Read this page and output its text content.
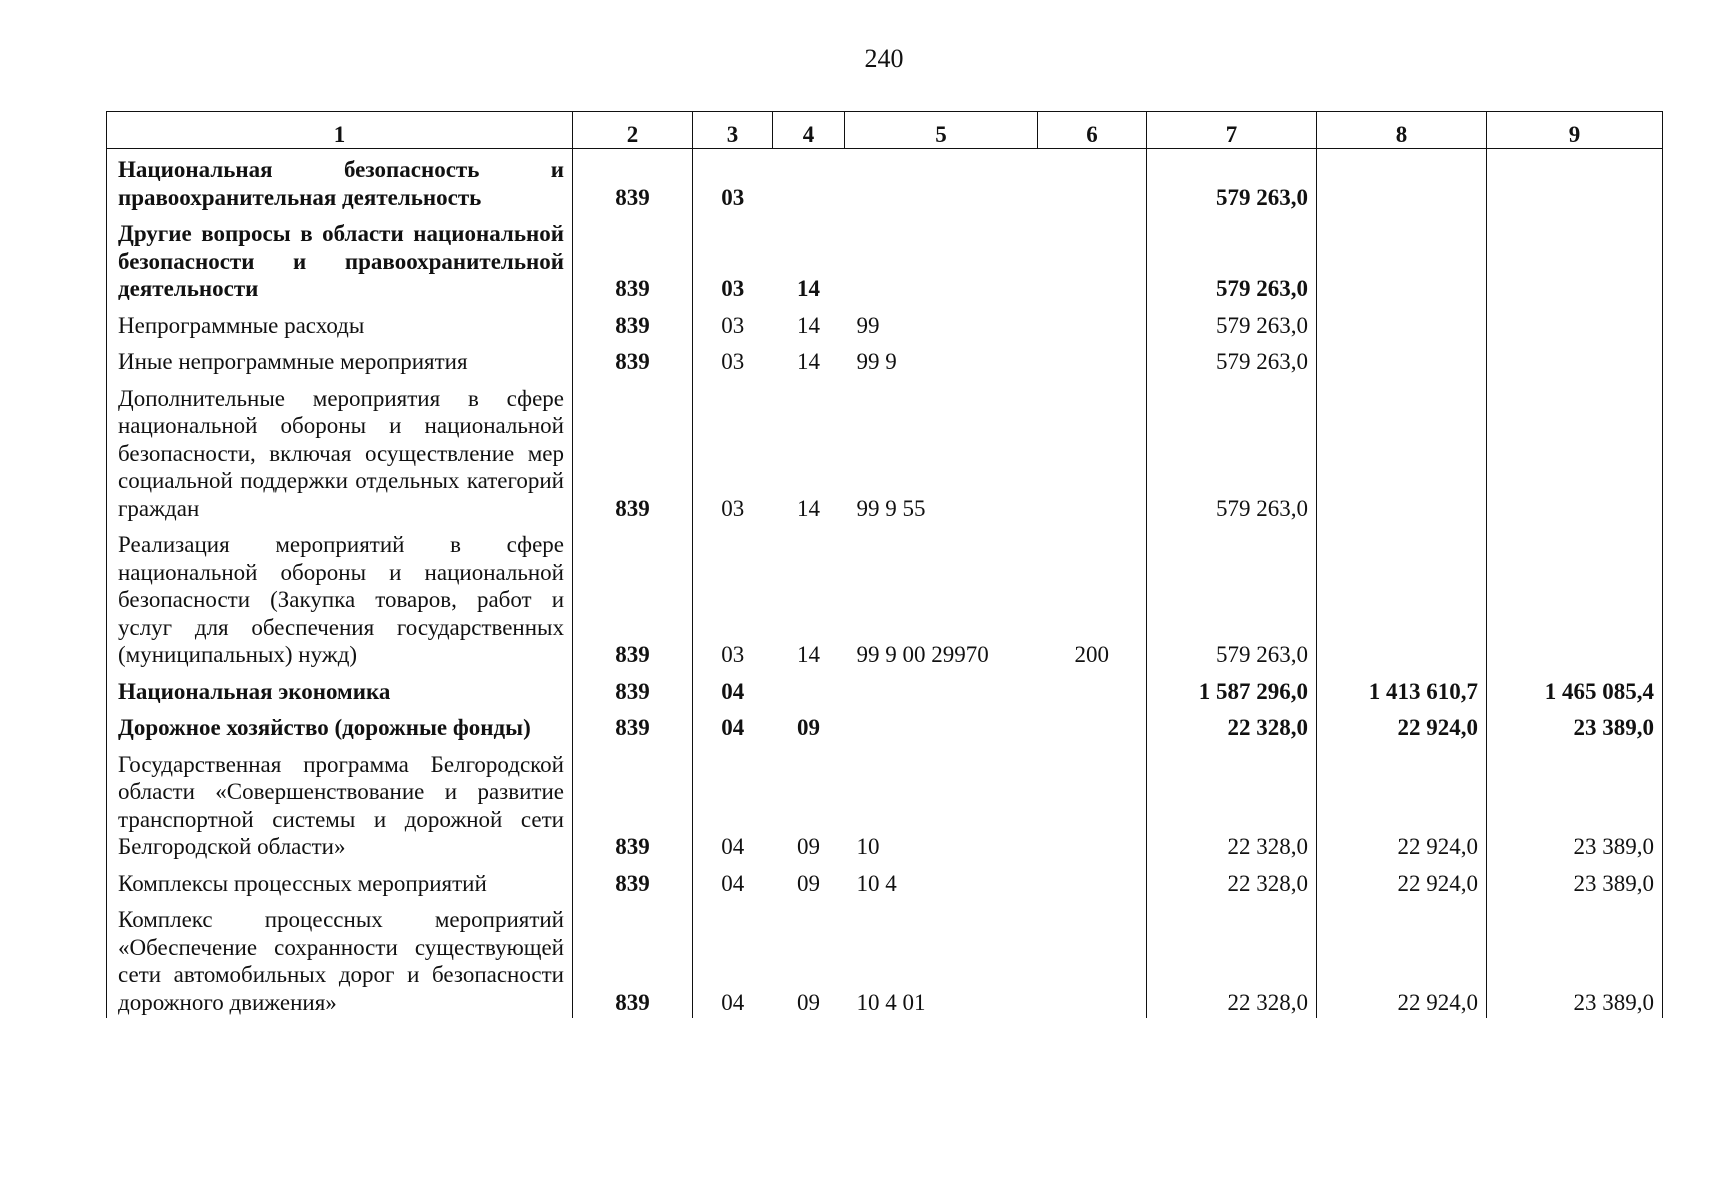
240
1	2	3	4	5	6	7	8	9
Национальная безопасность и правоохранительная деятельность	839	03				579 263,0		
Другие вопросы в области национальной безопасности и правоохранительной деятельности	839	03	14			579 263,0		
Непрограммные расходы	839	03	14	99		579 263,0		
Иные непрограммные мероприятия	839	03	14	99 9		579 263,0		
Дополнительные мероприятия в сфере национальной обороны и национальной безопасности, включая осуществление мер социальной поддержки отдельных категорий граждан	839	03	14	99 9 55		579 263,0		
Реализация мероприятий в сфере национальной обороны и национальной безопасности (Закупка товаров, работ и услуг для обеспечения государственных (муниципальных) нужд)	839	03	14	99 9 00 29970	200	579 263,0		
Национальная экономика	839	04				1 587 296,0	1 413 610,7	1 465 085,4
Дорожное хозяйство (дорожные фонды)	839	04	09			22 328,0	22 924,0	23 389,0
Государственная программа Белгородской области «Совершенствование и развитие транспортной системы и дорожной сети Белгородской области»	839	04	09	10		22 328,0	22 924,0	23 389,0
Комплексы процессных мероприятий	839	04	09	10 4		22 328,0	22 924,0	23 389,0
Комплекс процессных мероприятий «Обеспечение сохранности существующей сети автомобильных дорог и безопасности дорожного движения»	839	04	09	10 4 01		22 328,0	22 924,0	23 389,0
